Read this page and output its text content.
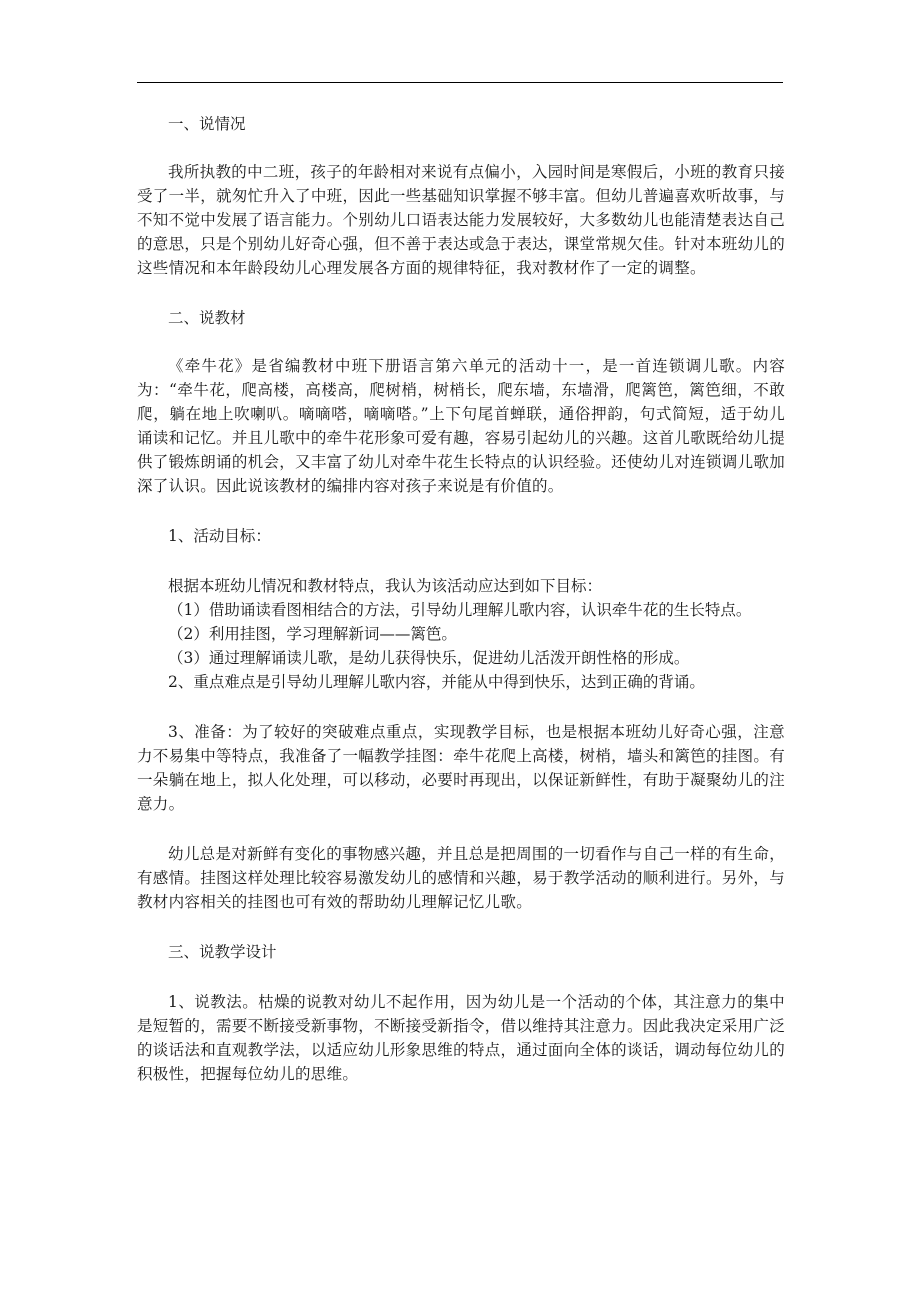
一、说情况

我所执教的中二班，孩子的年龄相对来说有点偏小，入园时间是寒假后，小班的教育只接受了一半，就匆忙升入了中班，因此一些基础知识掌握不够丰富。但幼儿普遍喜欢听故事，与不知不觉中发展了语言能力。个别幼儿口语表达能力发展较好，大多数幼儿也能清楚表达自己的意思，只是个别幼儿好奇心强，但不善于表达或急于表达，课堂常规欠佳。针对本班幼儿的这些情况和本年龄段幼儿心理发展各方面的规律特征，我对教材作了一定的调整。

二、说教材

《牵牛花》是省编教材中班下册语言第六单元的活动十一，是一首连锁调儿歌。内容为：“牵牛花，爬高楼，高楼高，爬树梢，树梢长，爬东墙，东墙滑，爬篱笆，篱笆细，不敢爬，躺在地上吹喇叭。嘀嘀嗒，嘀嘀嗒。”上下句尾首蝉联，通俗押韵，句式简短，适于幼儿诵读和记忆。并且儿歌中的牵牛花形象可爱有趣，容易引起幼儿的兴趣。这首儿歌既给幼儿提供了锻炼朗诵的机会，又丰富了幼儿对牵牛花生长特点的认识经验。还使幼儿对连锁调儿歌加深了认识。因此说该教材的编排内容对孩子来说是有价值的。

1、活动目标：

根据本班幼儿情况和教材特点，我认为该活动应达到如下目标：

（1）借助诵读看图相结合的方法，引导幼儿理解儿歌内容，认识牵牛花的生长特点。

（2）利用挂图，学习理解新词——篱笆。

（3）通过理解诵读儿歌，是幼儿获得快乐，促进幼儿活泼开朗性格的形成。

2、重点难点是引导幼儿理解儿歌内容，并能从中得到快乐，达到正确的背诵。

3、准备：为了较好的突破难点重点，实现教学目标，也是根据本班幼儿好奇心强，注意力不易集中等特点，我准备了一幅教学挂图：牵牛花爬上高楼，树梢，墙头和篱笆的挂图。有一朵躺在地上，拟人化处理，可以移动，必要时再现出，以保证新鲜性，有助于凝聚幼儿的注意力。

幼儿总是对新鲜有变化的事物感兴趣，并且总是把周围的一切看作与自己一样的有生命，有感情。挂图这样处理比较容易激发幼儿的感情和兴趣，易于教学活动的顺利进行。另外，与教材内容相关的挂图也可有效的帮助幼儿理解记忆儿歌。

三、说教学设计

1、说教法。枯燥的说教对幼儿不起作用，因为幼儿是一个活动的个体，其注意力的集中是短暂的，需要不断接受新事物，不断接受新指令，借以维持其注意力。因此我决定采用广泛的谈话法和直观教学法，以适应幼儿形象思维的特点，通过面向全体的谈话，调动每位幼儿的积极性，把握每位幼儿的思维。
